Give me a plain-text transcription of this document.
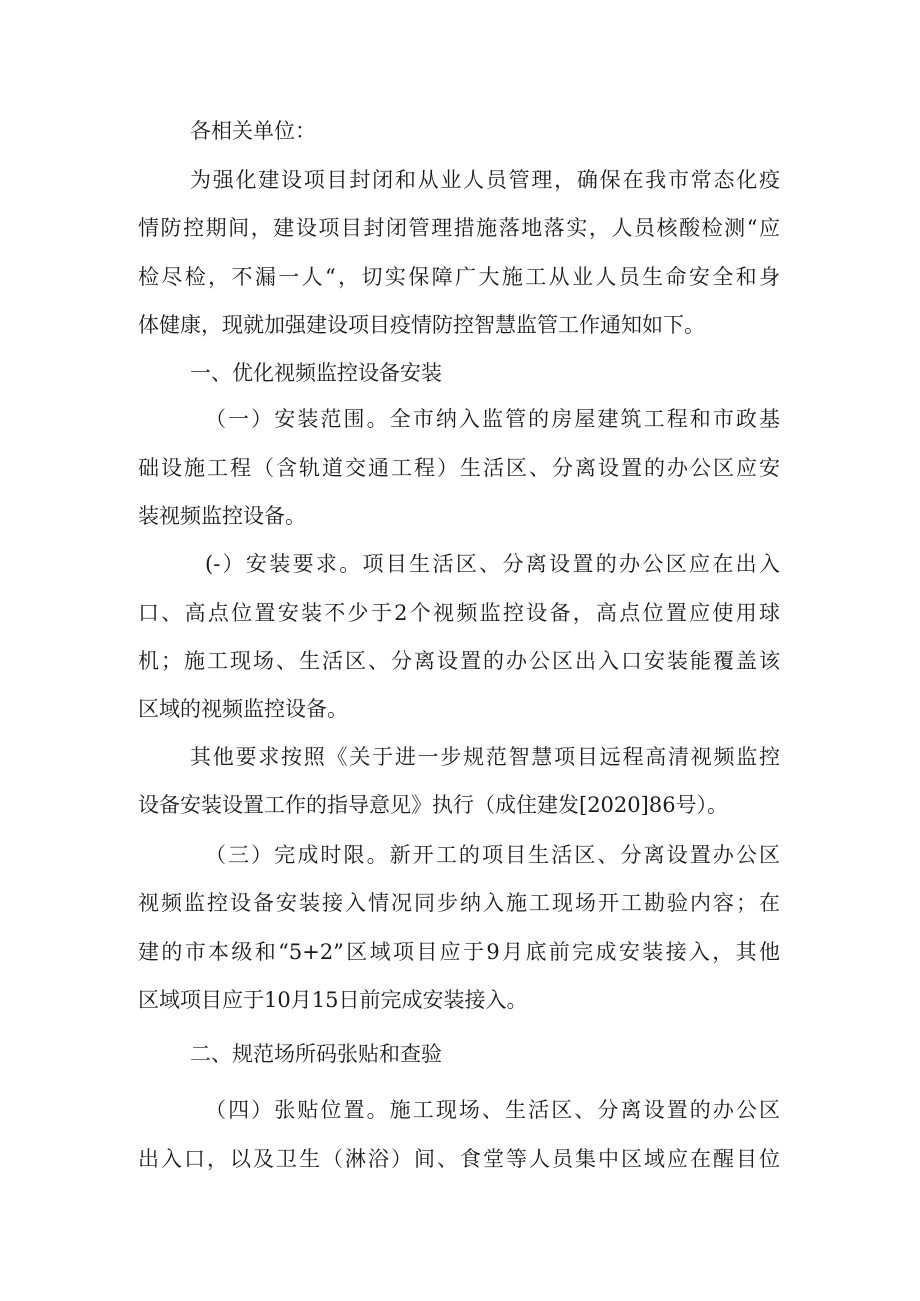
各相关单位：
为强化建设项目封闭和从业人员管理，确保在我市常态化疫
情防控期间，建设项目封闭管理措施落地落实，人员核酸检测“应
检尽检，不漏一人“，切实保障广大施工从业人员生命安全和身
体健康，现就加强建设项目疫情防控智慧监管工作通知如下。
一、优化视频监控设备安装
（一）安装范围。全市纳入监管的房屋建筑工程和市政基
础设施工程（含轨道交通工程）生活区、分离设置的办公区应安
装视频监控设备。
(-）安装要求。项目生活区、分离设置的办公区应在出入
口、高点位置安装不少于2个视频监控设备，高点位置应使用球
机；施工现场、生活区、分离设置的办公区出入口安装能覆盖该
区域的视频监控设备。
其他要求按照《关于进一步规范智慧项目远程高清视频监控
设备安装设置工作的指导意见》执行（成住建发[2020]86号）。
（三）完成时限。新开工的项目生活区、分离设置办公区
视频监控设备安装接入情况同步纳入施工现场开工勘验内容；在
建的市本级和“5+2”区域项目应于9月底前完成安装接入，其他
区域项目应于10月15日前完成安装接入。
二、规范场所码张贴和查验
（四）张贴位置。施工现场、生活区、分离设置的办公区
出入口，以及卫生（淋浴）间、食堂等人员集中区域应在醒目位
